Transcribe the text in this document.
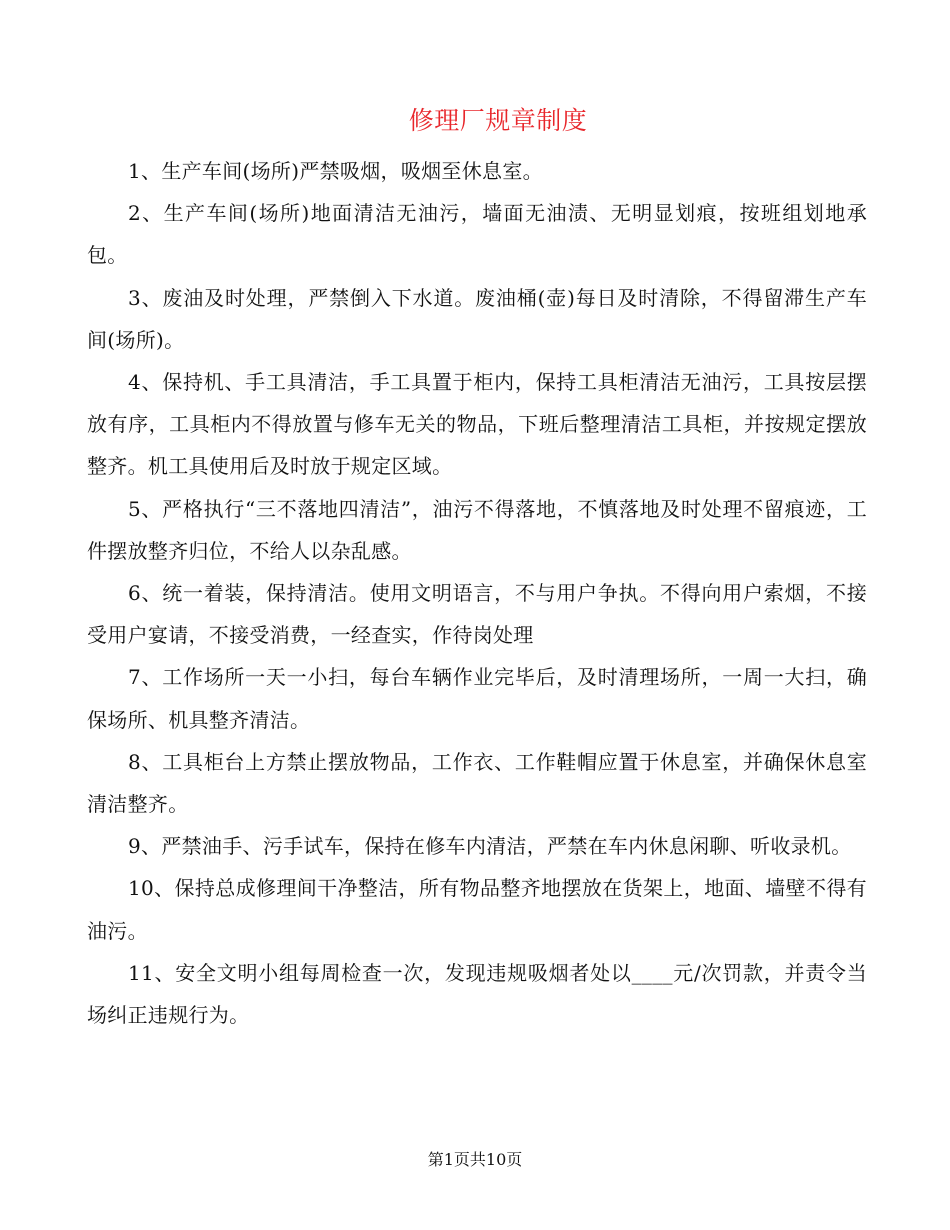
修理厂规章制度

1、生产车间(场所)严禁吸烟，吸烟至休息室。

2、生产车间(场所)地面清洁无油污，墙面无油渍、无明显划痕，按班组划地承包。

3、废油及时处理，严禁倒入下水道。废油桶(壶)每日及时清除，不得留滞生产车间(场所)。

4、保持机、手工具清洁，手工具置于柜内，保持工具柜清洁无油污，工具按层摆放有序，工具柜内不得放置与修车无关的物品，下班后整理清洁工具柜，并按规定摆放整齐。机工具使用后及时放于规定区域。

5、严格执行“三不落地四清洁”，油污不得落地，不慎落地及时处理不留痕迹，工件摆放整齐归位，不给人以杂乱感。

6、统一着装，保持清洁。使用文明语言，不与用户争执。不得向用户索烟，不接受用户宴请，不接受消费，一经查实，作待岗处理

7、工作场所一天一小扫，每台车辆作业完毕后，及时清理场所，一周一大扫，确保场所、机具整齐清洁。

8、工具柜台上方禁止摆放物品，工作衣、工作鞋帽应置于休息室，并确保休息室清洁整齐。

9、严禁油手、污手试车，保持在修车内清洁，严禁在车内休息闲聊、听收录机。

10、保持总成修理间干净整洁，所有物品整齐地摆放在货架上，地面、墙壁不得有油污。

11、安全文明小组每周检查一次，发现违规吸烟者处以____元/次罚款，并责令当场纠正违规行为。

第1页共10页
